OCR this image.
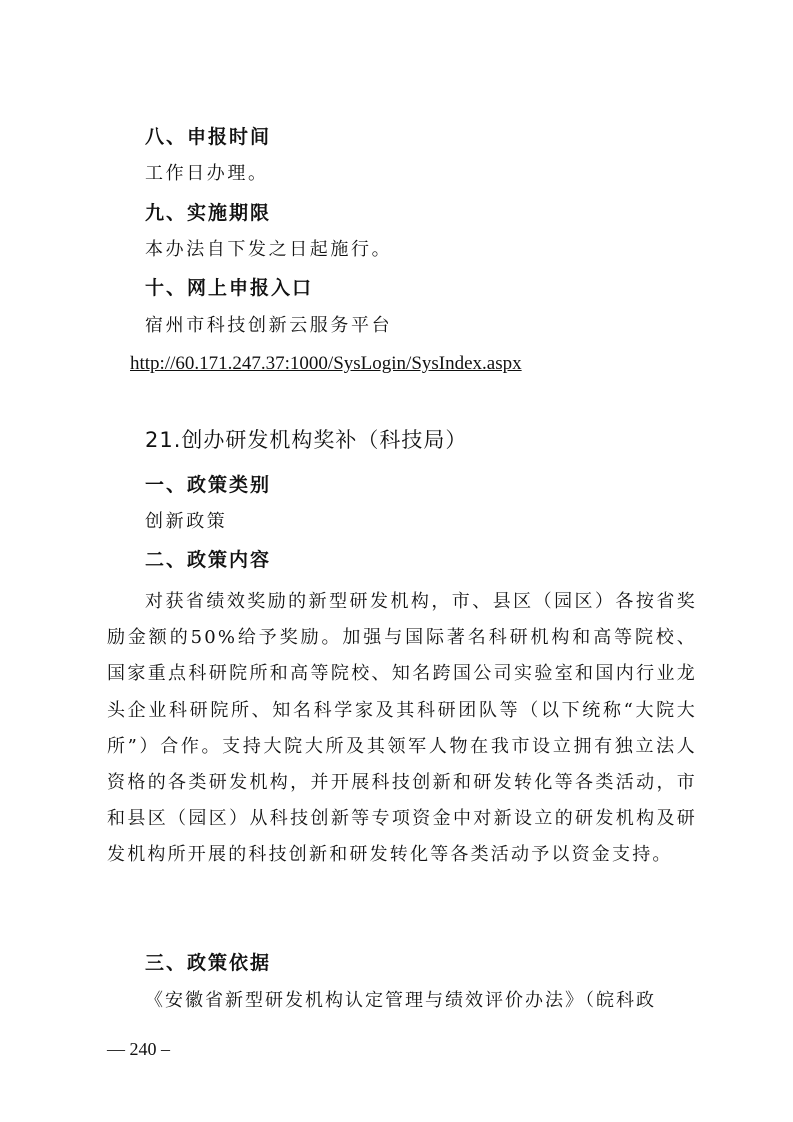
八、申报时间
工作日办理。
九、实施期限
本办法自下发之日起施行。
十、网上申报入口
宿州市科技创新云服务平台
http://60.171.247.37:1000/SysLogin/SysIndex.aspx
21.创办研发机构奖补（科技局）
一、政策类别
创新政策
二、政策内容
对获省绩效奖励的新型研发机构，市、县区（园区）各按省奖励金额的50%给予奖励。加强与国际著名科研机构和高等院校、国家重点科研院所和高等院校、知名跨国公司实验室和国内行业龙头企业科研院所、知名科学家及其科研团队等（以下统称“大院大所”）合作。支持大院大所及其领军人物在我市设立拥有独立法人资格的各类研发机构，并开展科技创新和研发转化等各类活动，市和县区（园区）从科技创新等专项资金中对新设立的研发机构及研发机构所开展的科技创新和研发转化等各类活动予以资金支持。
三、政策依据
《安徽省新型研发机构认定管理与绩效评价办法》（皖科政
— 240 –
